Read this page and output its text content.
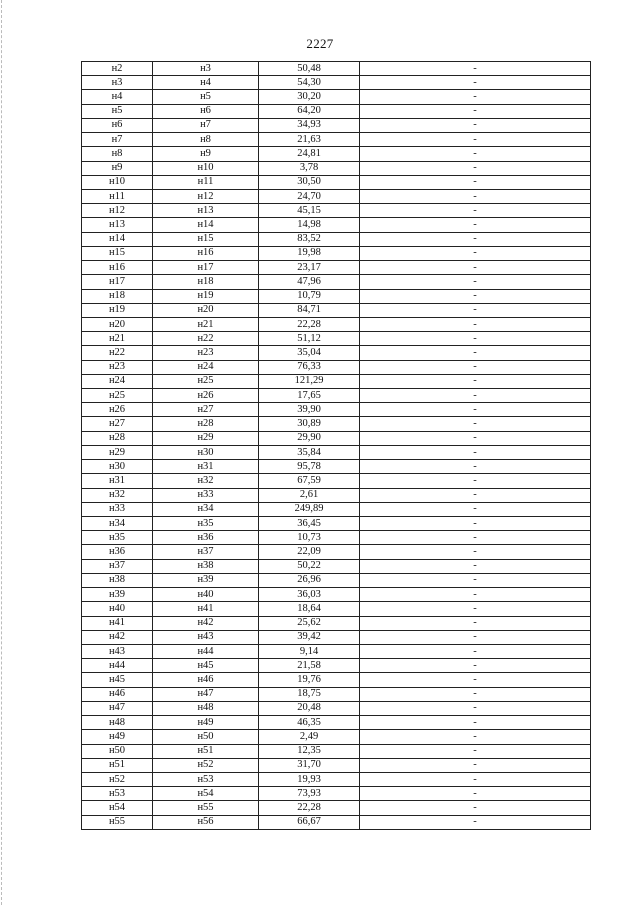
2227
н2	н3	50,48	-
н3	н4	54,30	-
н4	н5	30,20	-
н5	н6	64,20	-
н6	н7	34,93	-
н7	н8	21,63	-
н8	н9	24,81	-
н9	н10	3,78	-
н10	н11	30,50	-
н11	н12	24,70	-
н12	н13	45,15	-
н13	н14	14,98	-
н14	н15	83,52	-
н15	н16	19,98	-
н16	н17	23,17	-
н17	н18	47,96	-
н18	н19	10,79	-
н19	н20	84,71	-
н20	н21	22,28	-
н21	н22	51,12	-
н22	н23	35,04	-
н23	н24	76,33	-
н24	н25	121,29	-
н25	н26	17,65	-
н26	н27	39,90	-
н27	н28	30,89	-
н28	н29	29,90	-
н29	н30	35,84	-
н30	н31	95,78	-
н31	н32	67,59	-
н32	н33	2,61	-
н33	н34	249,89	-
н34	н35	36,45	-
н35	н36	10,73	-
н36	н37	22,09	-
н37	н38	50,22	-
н38	н39	26,96	-
н39	н40	36,03	-
н40	н41	18,64	-
н41	н42	25,62	-
н42	н43	39,42	-
н43	н44	9,14	-
н44	н45	21,58	-
н45	н46	19,76	-
н46	н47	18,75	-
н47	н48	20,48	-
н48	н49	46,35	-
н49	н50	2,49	-
н50	н51	12,35	-
н51	н52	31,70	-
н52	н53	19,93	-
н53	н54	73,93	-
н54	н55	22,28	-
н55	н56	66,67	-
